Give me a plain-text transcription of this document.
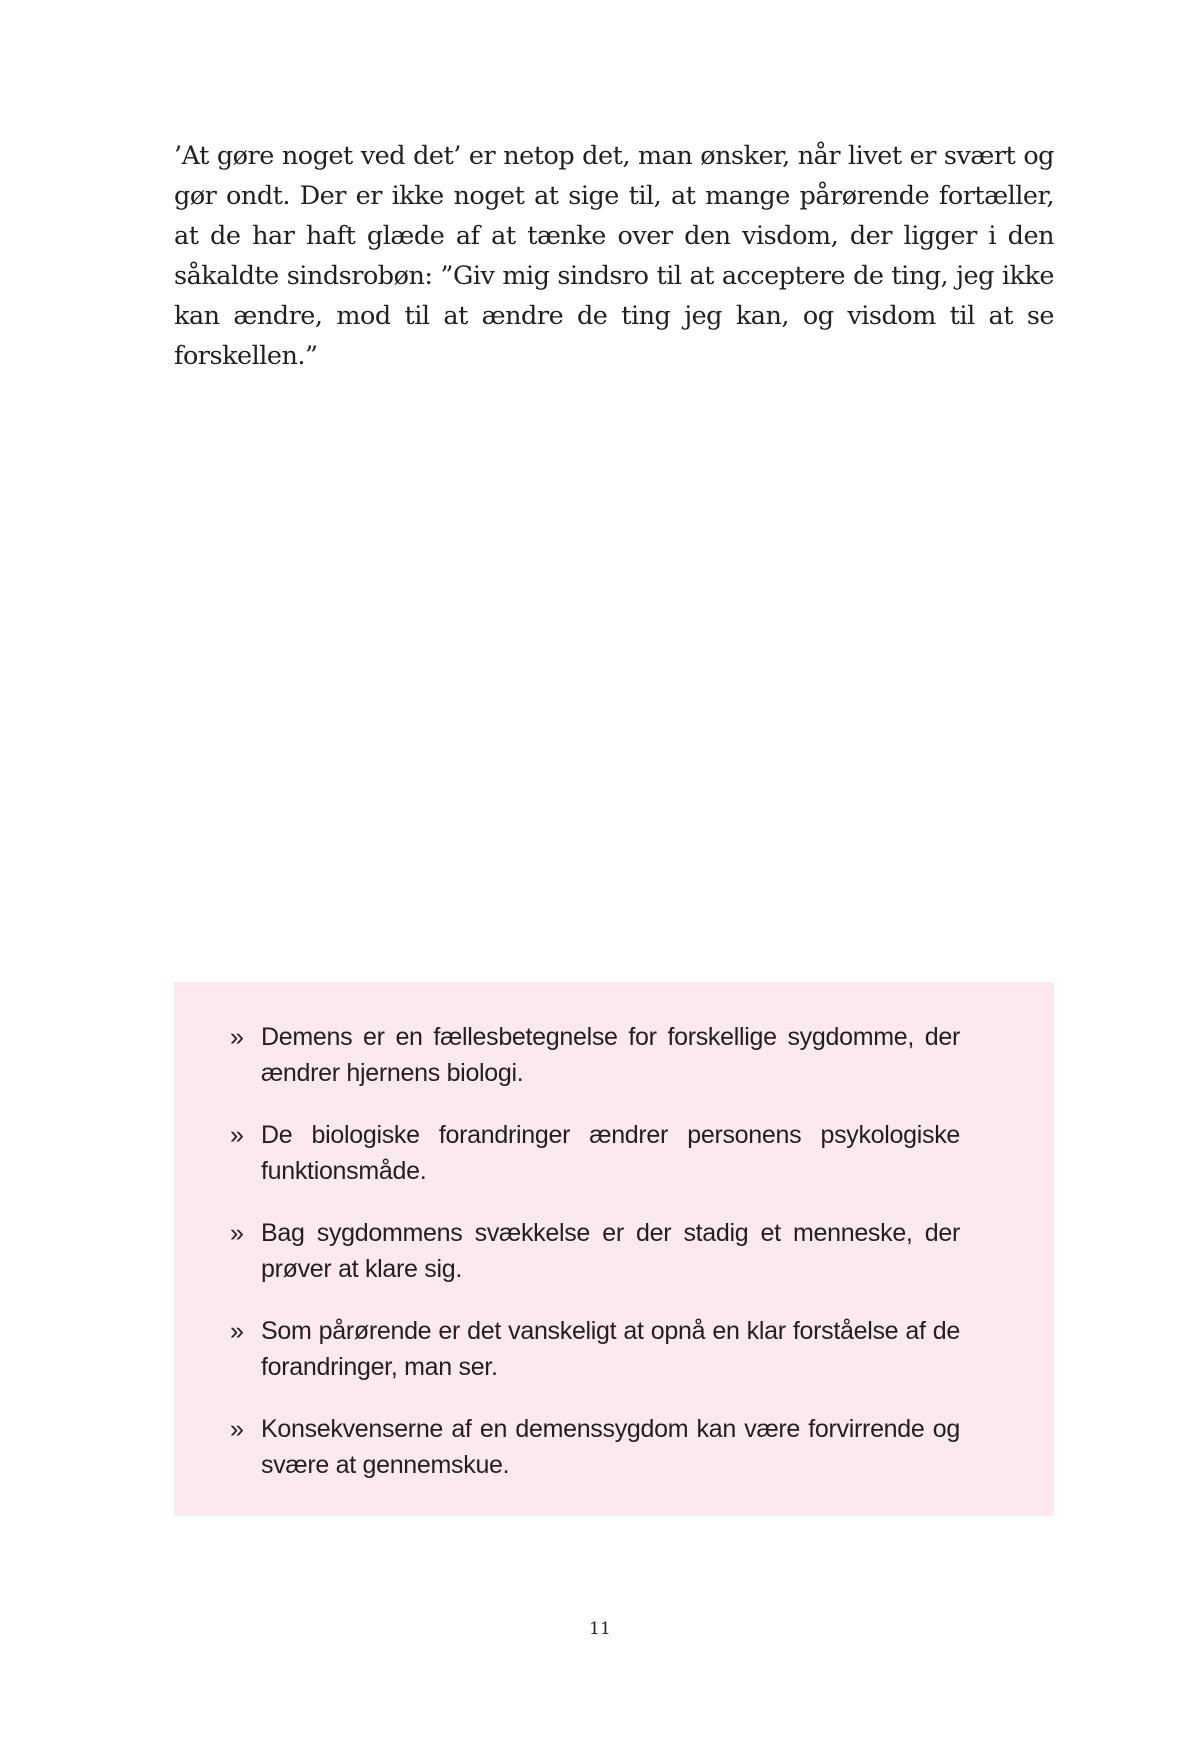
’At gøre noget ved det’ er netop det, man ønsker, når livet er svært og gør ondt. Der er ikke noget at sige til, at mange pårørende fortæller, at de har haft glæde af at tænke over den visdom, der ligger i den såkaldte sindsrobøn: ”Giv mig sindsro til at acceptere de ting, jeg ikke kan ændre, mod til at ændre de ting jeg kan, og visdom til at se forskellen.”

» Demens er en fællesbetegnelse for forskellige sygdomme, der ændrer hjernens biologi.
» De biologiske forandringer ændrer personens psykologiske funktionsmåde.
» Bag sygdommens svækkelse er der stadig et menneske, der prøver at klare sig.
» Som pårørende er det vanskeligt at opnå en klar forståelse af de forandringer, man ser.
» Konsekvenserne af en demenssygdom kan være forvirrende og svære at gennemskue.
11
